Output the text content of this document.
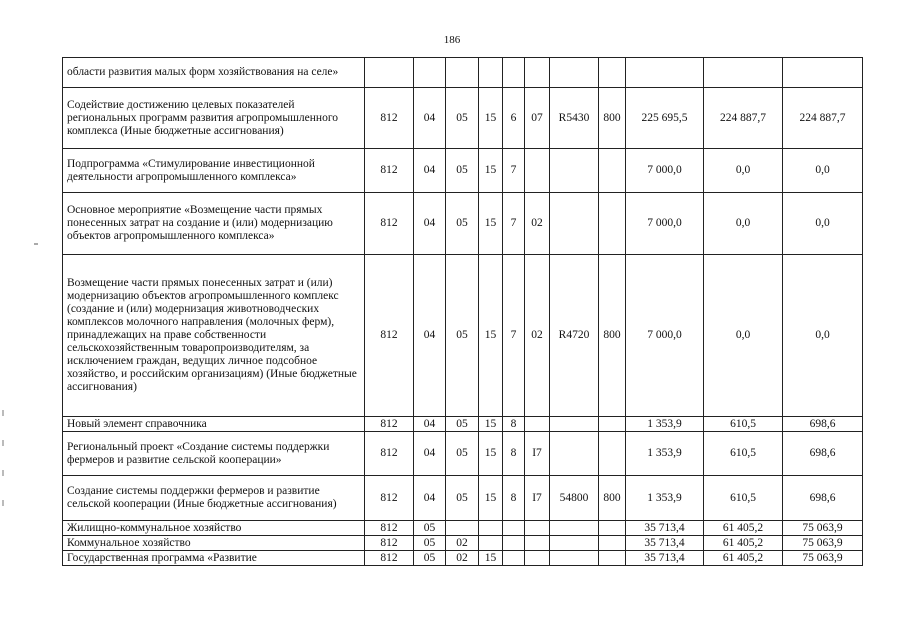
186
области развития малых форм хозяйствования на селе»											
Содействие достижению целевых показателей региональных программ развития агропромышленного комплекса (Иные бюджетные ассигнования)	812	04	05	15	6	07	R5430	800	225 695,5	224 887,7	224 887,7
Подпрограмма «Стимулирование инвестиционной деятельности агропромышленного комплекса»	812	04	05	15	7				7 000,0	0,0	0,0
Основное мероприятие «Возмещение части прямых понесенных затрат на создание и (или) модернизацию объектов агропромышленного комплекса»	812	04	05	15	7	02			7 000,0	0,0	0,0
Возмещение части прямых понесенных затрат и (или) модернизацию объектов агропромышленного комплекс (создание и (или) модернизация животноводческих комплексов молочного направления (молочных ферм), принадлежащих на праве собственности сельскохозяйственным товаропроизводителям, за исключением граждан, ведущих личное подсобное хозяйство, и российским организациям) (Иные бюджетные ассигнования)	812	04	05	15	7	02	R4720	800	7 000,0	0,0	0,0
Новый элемент справочника	812	04	05	15	8				1 353,9	610,5	698,6
Региональный проект «Создание системы поддержки фермеров и развитие сельской кооперации»	812	04	05	15	8	I7			1 353,9	610,5	698,6
Создание системы поддержки фермеров и развитие сельской кооперации (Иные бюджетные ассигнования)	812	04	05	15	8	I7	54800	800	1 353,9	610,5	698,6
Жилищно-коммунальное хозяйство	812	05							35 713,4	61 405,2	75 063,9
Коммунальное хозяйство	812	05	02						35 713,4	61 405,2	75 063,9
Государственная программа «Развитие	812	05	02	15					35 713,4	61 405,2	75 063,9
